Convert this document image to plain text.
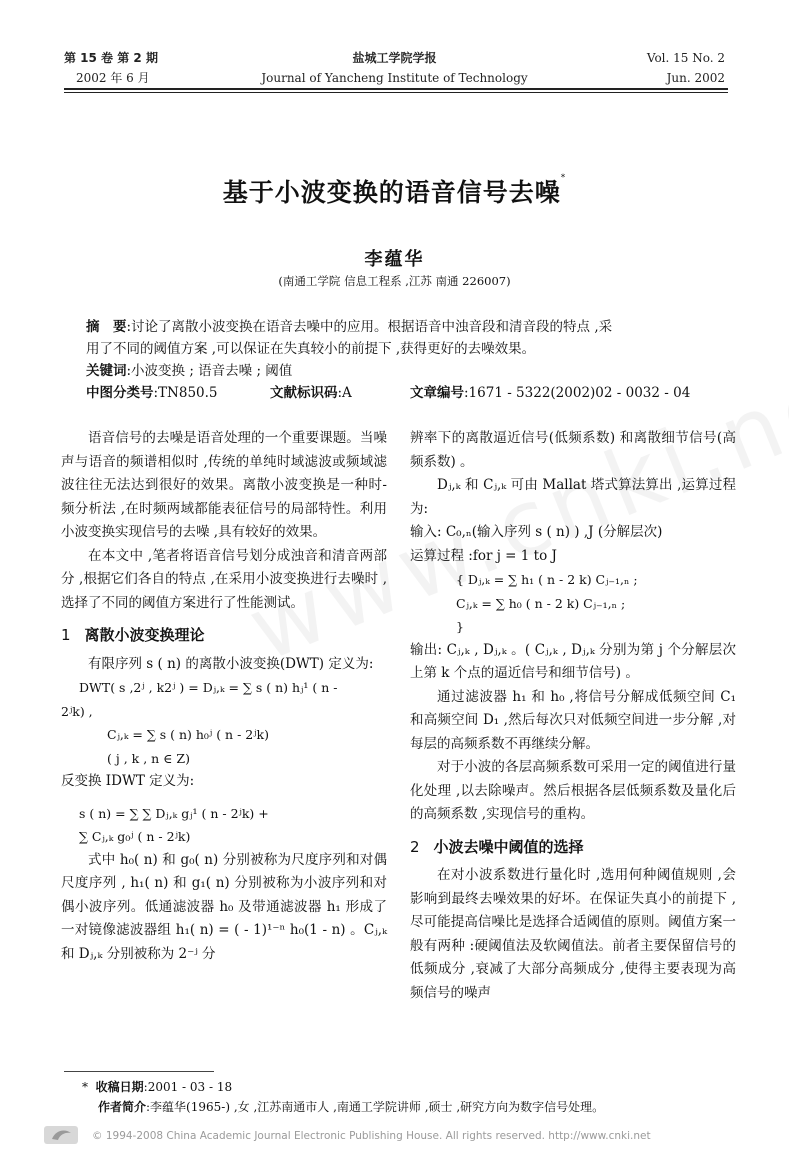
第 15 卷 第 2 期
2002 年 6 月
盐城工学院学报
Journal of Yancheng Institute of Technology
Vol. 15 No. 2
Jun. 2002
基于小波变换的语音信号去噪*
李蕴华
(南通工学院 信息工程系 ,江苏 南通 226007)
摘　要:讨论了离散小波变换在语音去噪中的应用。根据语音中浊音段和清音段的特点 ,采
用了不同的阈值方案 ,可以保证在失真较小的前提下 ,获得更好的去噪效果。
关键词:小波变换 ; 语音去噪 ; 阈值
中图分类号:TN850.5	文献标识码:A	文章编号:1671 - 5322(2002)02 - 0032 - 04

语音信号的去噪是语音处理的一个重要课题。当噪声与语音的频谱相似时 ,传统的单纯时域滤波或频域滤波往往无法达到很好的效果。离散小波变换是一种时-频分析法 ,在时频两域都能表征信号的局部特性。利用小波变换实现信号的去噪 ,具有较好的效果。

在本文中 ,笔者将语音信号划分成浊音和清音两部分 ,根据它们各自的特点 ,在采用小波变换进行去噪时 ,选择了不同的阈值方案进行了性能测试。

1 离散小波变换理论

有限序列 s ( n) 的离散小波变换(DWT) 定义为:

DWT( s ,2ʲ , k2ʲ ) = Dⱼ,ₖ = ∑ s ( n) hⱼ¹ ( n -

2ʲk) ,

Cⱼ,ₖ = ∑ s ( n) h₀ʲ ( n - 2ʲk)

( j , k , n ∈ Z)

反变换 IDWT 定义为:

s ( n) = ∑ ∑ Dⱼ,ₖ gⱼ¹ ( n - 2ʲk) +

∑ Cⱼ,ₖ g₀ʲ ( n - 2ʲk)

式中 h₀( n) 和 g₀( n) 分别被称为尺度序列和对偶尺度序列 , h₁( n) 和 g₁( n) 分别被称为小波序列和对偶小波序列。低通滤波器 h₀ 及带通滤波器 h₁ 形成了一对镜像滤波器组 h₁( n) = ( - 1)¹⁻ⁿ h₀(1 - n) 。Cⱼ,ₖ 和 Dⱼ,ₖ 分别被称为 2⁻ʲ 分

辨率下的离散逼近信号(低频系数) 和离散细节信号(高频系数) 。

Dⱼ,ₖ 和 Cⱼ,ₖ 可由 Mallat 塔式算法算出 ,运算过程为:

输入: C₀,ₙ(输入序列 s ( n) ) ,J (分解层次)

运算过程 :for j = 1 to J

{ Dⱼ,ₖ = ∑ h₁ ( n - 2 k) Cⱼ₋₁,ₙ ;

Cⱼ,ₖ = ∑ h₀ ( n - 2 k) Cⱼ₋₁,ₙ ;

}

输出: Cⱼ,ₖ , Dⱼ,ₖ 。( Cⱼ,ₖ , Dⱼ,ₖ 分别为第 j 个分解层次上第 k 个点的逼近信号和细节信号) 。

通过滤波器 h₁ 和 h₀ ,将信号分解成低频空间 C₁ 和高频空间 D₁ ,然后每次只对低频空间进一步分解 ,对每层的高频系数不再继续分解。

对于小波的各层高频系数可采用一定的阈值进行量化处理 ,以去除噪声。然后根据各层低频系数及量化后的高频系数 ,实现信号的重构。

2 小波去噪中阈值的选择

在对小波系数进行量化时 ,选用何种阈值规则 ,会影响到最终去噪效果的好坏。在保证失真小的前提下 ,尽可能提高信噪比是选择合适阈值的原则。阈值方案一般有两种 :硬阈值法及软阈值法。前者主要保留信号的低频成分 ,衰减了大部分高频成分 ,使得主要表现为高频信号的噪声

* 收稿日期:2001 - 03 - 18
作者简介:李蕴华(1965-) ,女 ,江苏南通市人 ,南通工学院讲师 ,硕士 ,研究方向为数字信号处理。
© 1994-2008 China Academic Journal Electronic Publishing House. All rights reserved. http://www.cnki.net
